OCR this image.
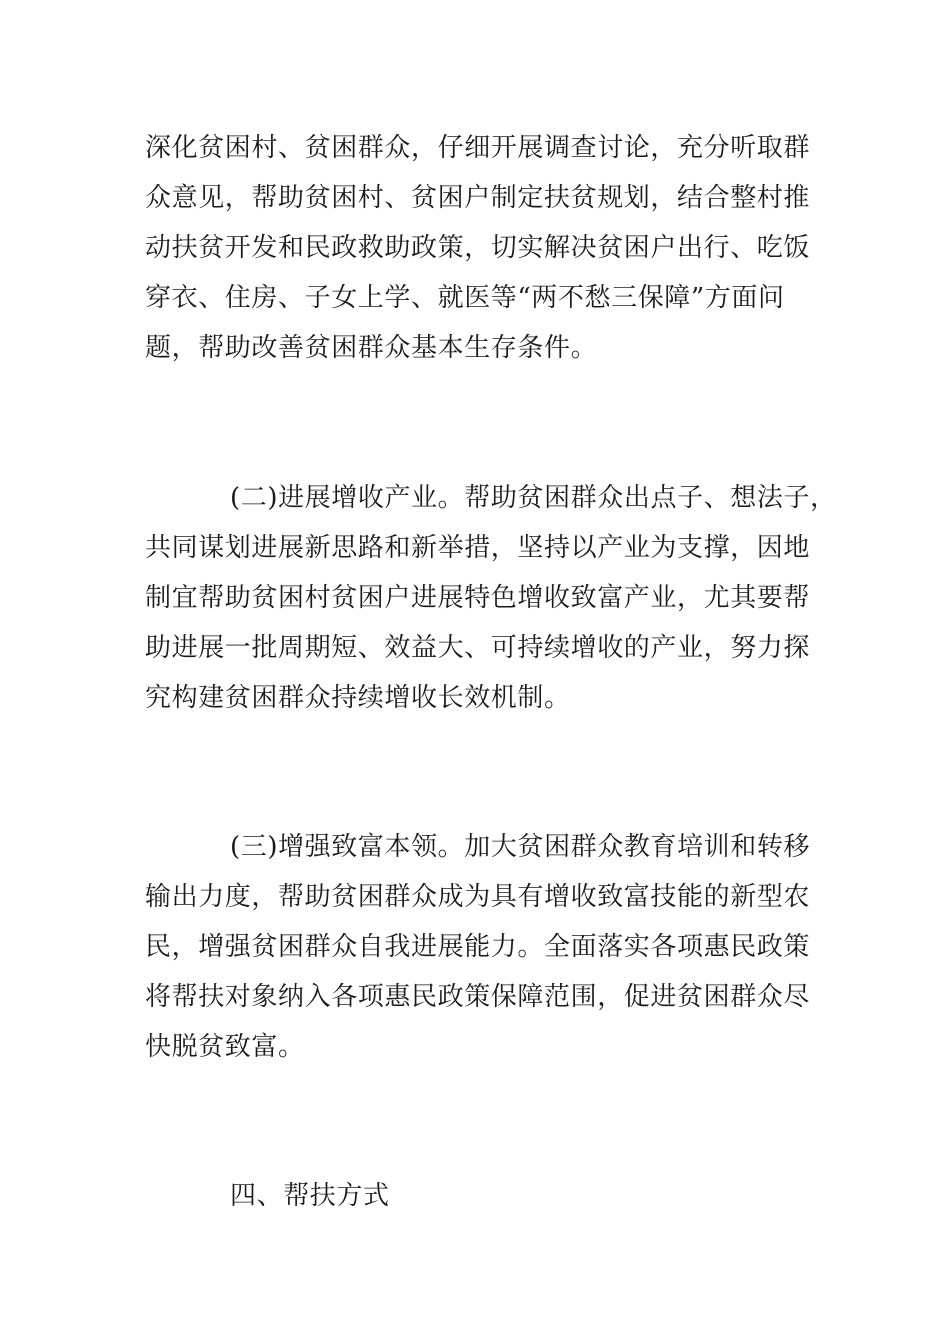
深化贫困村、贫困群众，仔细开展调查讨论，充分听取群
众意见，帮助贫困村、贫困户制定扶贫规划，结合整村推
动扶贫开发和民政救助政策，切实解决贫困户出行、吃饭
穿衣、住房、子女上学、就医等“两不愁三保障”方面问
题，帮助改善贫困群众基本生存条件。
(二)进展增收产业。帮助贫困群众出点子、想法子，
共同谋划进展新思路和新举措，坚持以产业为支撑，因地
制宜帮助贫困村贫困户进展特色增收致富产业，尤其要帮
助进展一批周期短、效益大、可持续增收的产业，努力探
究构建贫困群众持续增收长效机制。
(三)增强致富本领。加大贫困群众教育培训和转移
输出力度，帮助贫困群众成为具有增收致富技能的新型农
民，增强贫困群众自我进展能力。全面落实各项惠民政策
将帮扶对象纳入各项惠民政策保障范围，促进贫困群众尽
快脱贫致富。
四、帮扶方式
